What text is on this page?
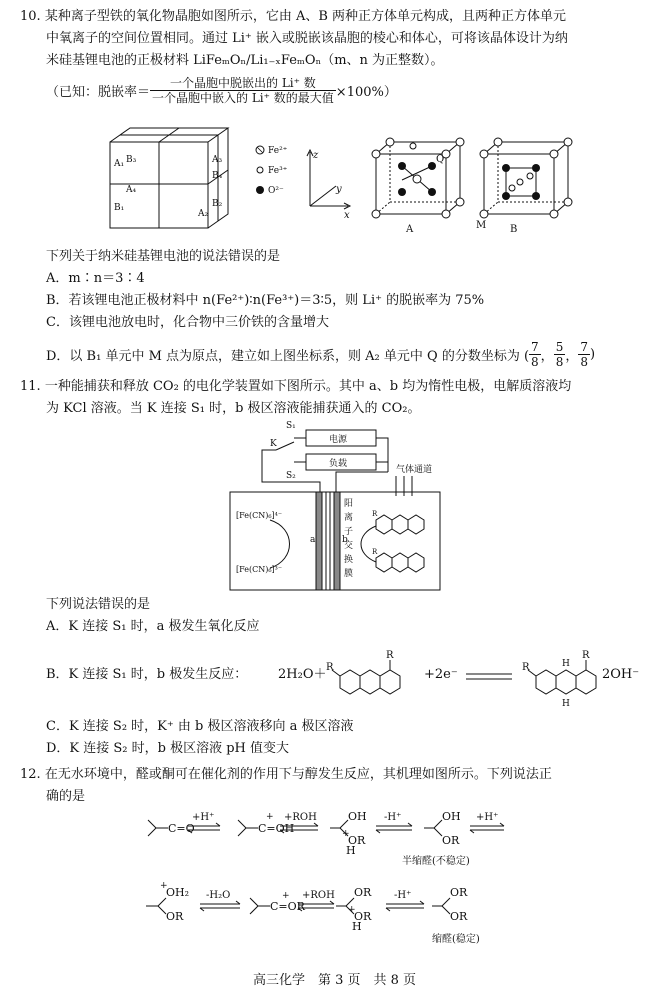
10. 某种离子型铁的氧化物晶胞如图所示，它由 A、B 两种正方体单元构成，且两种正方体单元
中氧离子的空间位置相同。通过 Li⁺ 嵌入或脱嵌该晶胞的棱心和体心，可将该晶体设计为纳
米硅基锂电池的正极材料 LiFeₘOₙ/Li₁₋ₓFeₘOₙ（m、n 为正整数）。
（已知：脱嵌率＝ $\frac{\text{一个晶胞中脱嵌出的 Li⁺ 数}}{\text{一个晶胞中嵌入的 Li⁺ 数的最大值}} \times 100\%$）
A₁ B₃	A₃
B₁
A₄
A₂
B₂
B₄
Fe²⁺
Fe³⁺
O²⁻
z
y
x
Q
A	M B
下列关于纳米硅基锂电池的说法错误的是
A．m∶n＝3∶4
B．若该锂电池正极材料中 n(Fe²⁺)∶n(Fe³⁺)＝3∶5，则 Li⁺ 的脱嵌率为 75%
C．该锂电池放电时，化合物中三价铁的含量增大
D．以 B₁ 单元中 M 点为原点，建立如上图坐标系，则 A₂ 单元中 Q 的分数坐标为 ( $\frac{7}{8}$ ， $\frac{5}{8}$ ， $\frac{7}{8}$ )
11. 一种能捕获和释放 CO₂ 的电化学装置如下图所示。其中 a、b 均为惰性电极，电解质溶液均
为 KCl 溶液。当 K 连接 S₁ 时，b 极区溶液能捕获通入的 CO₂。
S₁
S₂
K	电源
负载
气体通道
a	b
[Fe(CN)₆]⁴⁻
[Fe(CN)₆]³⁻
R
R
阳
离
子
交
换
膜
下列说法错误的是
A．K 连接 S₁ 时，a 极发生氧化反应
B．K 连接 S₁ 时，b 极发生反应： 2H₂O＋ R
R
+2e⁻	R
R
H
H
2OH⁻
C．K 连接 S₂ 时，K⁺ 由 b 极区溶液移向 a 极区溶液
D．K 连接 S₂ 时，b 极区溶液 pH 值变大
12. 在无水环境中，醛或酮可在催化剂的作用下与醇发生反应，其机理如图所示。下列说法正
确的是
C=O	C=OH
+	OH
OR
+
H
OH
OR
OH₂
+
OR
C=OR
+	OR
OR
+
H
OR
OR
+H⁺	+ROH	-H⁺	+H⁺
-H₂O	+ROH	-H⁺
半缩醛(不稳定)
缩醛(稳定)
高三化学　第 3 页　共 8 页
